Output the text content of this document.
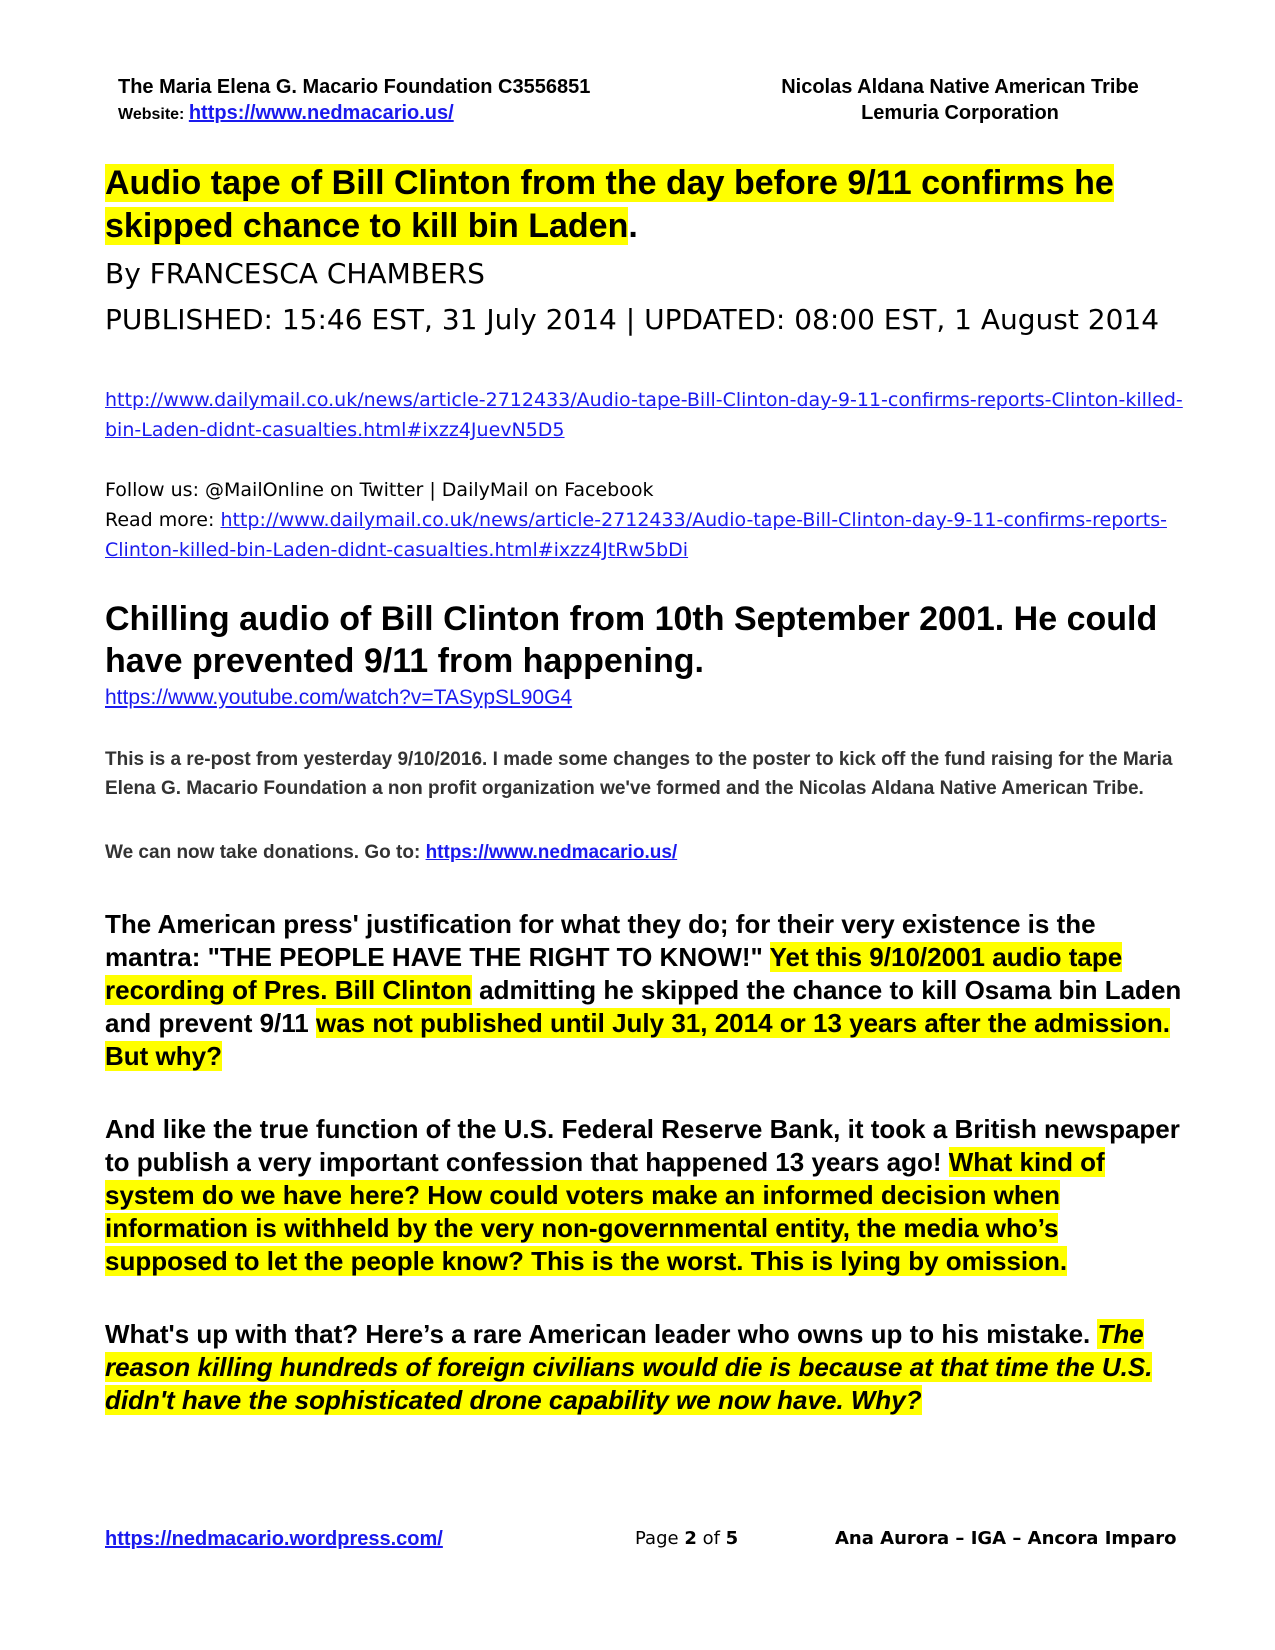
The Maria Elena G. Macario Foundation C3556851
Website: https://www.nedmacario.us/
Nicolas Aldana Native American Tribe
Lemuria Corporation
Audio tape of Bill Clinton from the day before 9/11 confirms he skipped chance to kill bin Laden.
By FRANCESCA CHAMBERS
PUBLISHED: 15:46 EST, 31 July 2014 | UPDATED: 08:00 EST, 1 August 2014
http://www.dailymail.co.uk/news/article-2712433/Audio-tape-Bill-Clinton-day-9-11-confirms-reports-Clinton-killed-bin-Laden-didnt-casualties.html#ixzz4JuevN5D5
Follow us: @MailOnline on Twitter | DailyMail on Facebook
Read more: http://www.dailymail.co.uk/news/article-2712433/Audio-tape-Bill-Clinton-day-9-11-confirms-reports-Clinton-killed-bin-Laden-didnt-casualties.html#ixzz4JtRw5bDi
Chilling audio of Bill Clinton from 10th September 2001. He could have prevented 9/11 from happening.
https://www.youtube.com/watch?v=TASypSL90G4
This is a re-post from yesterday 9/10/2016. I made some changes to the poster to kick off the fund raising for the Maria Elena G. Macario Foundation a non profit organization we've formed and the Nicolas Aldana Native American Tribe.
We can now take donations. Go to: https://www.nedmacario.us/
The American press' justification for what they do; for their very existence is the mantra: "THE PEOPLE HAVE THE RIGHT TO KNOW!" Yet this 9/10/2001 audio tape recording of Pres. Bill Clinton admitting he skipped the chance to kill Osama bin Laden and prevent 9/11 was not published until July 31, 2014 or 13 years after the admission. But why?
And like the true function of the U.S. Federal Reserve Bank, it took a British newspaper to publish a very important confession that happened 13 years ago! What kind of system do we have here? How could voters make an informed decision when information is withheld by the very non-governmental entity, the media who’s supposed to let the people know? This is the worst. This is lying by omission.
What's up with that? Here’s a rare American leader who owns up to his mistake. The reason killing hundreds of foreign civilians would die is because at that time the U.S. didn't have the sophisticated drone capability we now have. Why?
https://nedmacario.wordpress.com/	Page 2 of 5	Ana Aurora – IGA – Ancora Imparo
